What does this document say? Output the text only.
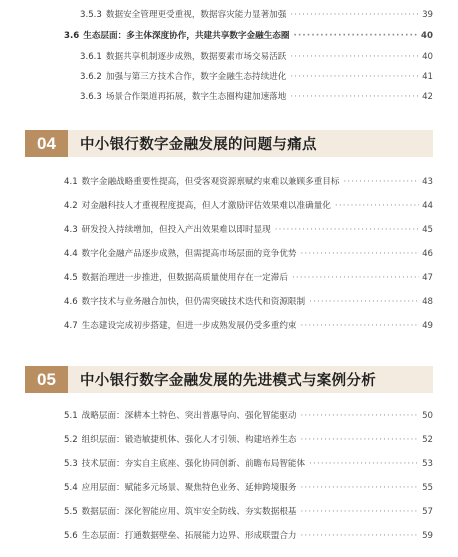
3.5.3 数据安全管理更受重视，数据容灾能力显著加强 ·····	39
3.6 生态层面：多主体深度协作，共建共享数字金融生态圈 ·····	40
3.6.1 数据共享机制逐步成熟，数据要素市场交易活跃 ·····	40
3.6.2 加强与第三方技术合作，数字金融生态持续进化 ·····	41
3.6.3 场景合作渠道再拓展，数字生态圈构建加速落地 ·····	42
04	中小银行数字金融发展的问题与痛点
4.1 数字金融战略重要性提高，但受客观资源禀赋约束难以兼顾多重目标 ·····	43
4.2 对金融科技人才重视程度提高，但人才激励评估效果难以准确量化 ·····	44
4.3 研发投入持续增加，但投入产出效果难以即时显现 ·····	45
4.4 数字化金融产品逐步成熟，但需提高市场层面的竞争优势 ·····	46
4.5 数据治理进一步推进，但数据高质量使用存在一定滞后 ·····	47
4.6 数字技术与业务融合加快，但仍需突破技术迭代和资源限制 ·····	48
4.7 生态建设完成初步搭建，但进一步成熟发展仍受多重约束 ·····	49
05	中小银行数字金融发展的先进模式与案例分析
5.1 战略层面：深耕本土特色、突出普惠导向、强化智能驱动 ·····	50
5.2 组织层面：锻造敏捷机体、强化人才引领、构建培养生态 ·····	52
5.3 技术层面：夯实自主底座、强化协同创新、前瞻布局智能体 ·····	53
5.4 应用层面：赋能多元场景、聚焦特色业务、延伸跨境服务 ·····	55
5.5 数据层面：深化智能应用、筑牢安全防线、夯实数据根基 ·····	57
5.6 生态层面：打通数据壁垒、拓展能力边界、形成联盟合力 ·····	59
